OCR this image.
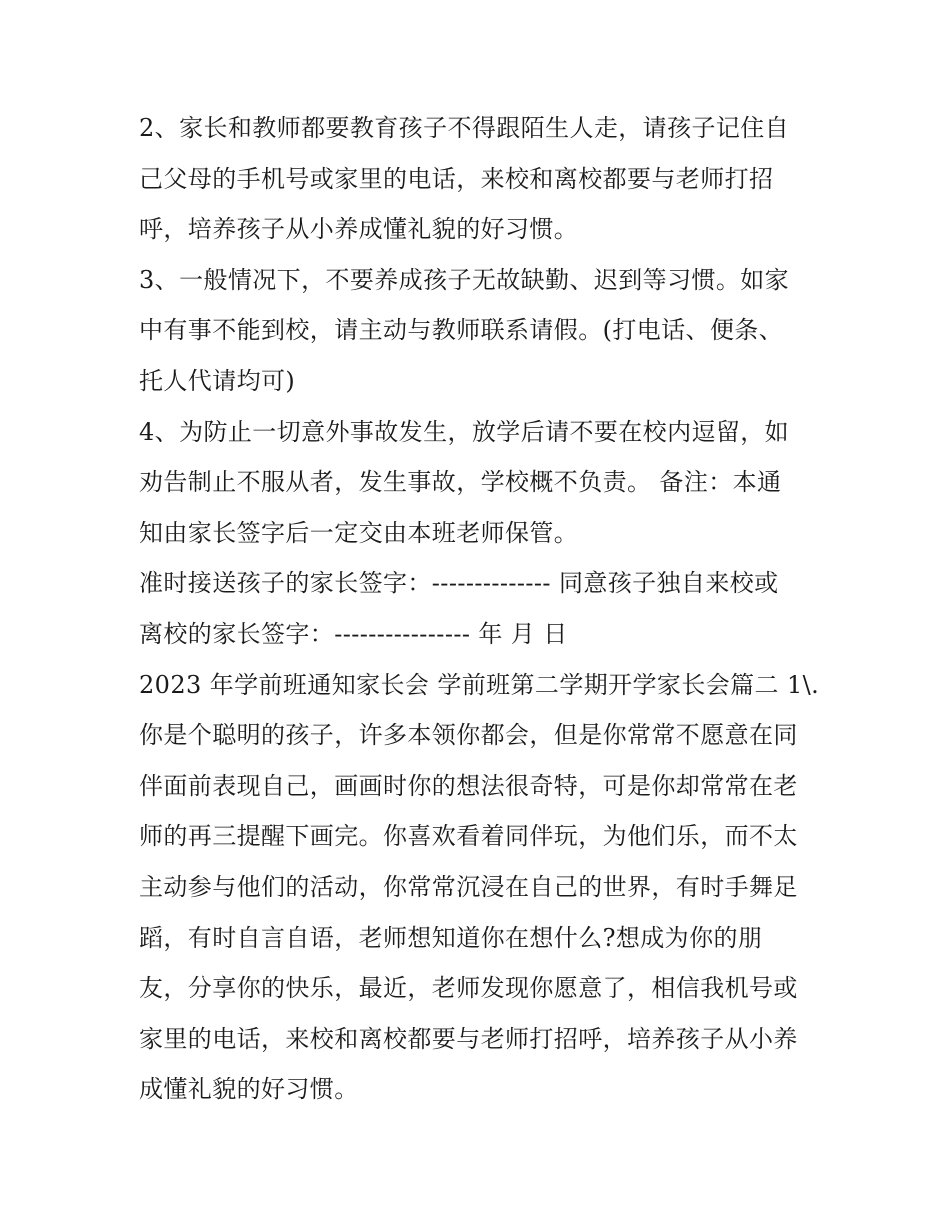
2、家长和教师都要教育孩子不得跟陌生人走，请孩子记住自
己父母的手机号或家里的电话，来校和离校都要与老师打招
呼，培养孩子从小养成懂礼貌的好习惯。
3、一般情况下，不要养成孩子无故缺勤、迟到等习惯。如家
中有事不能到校，请主动与教师联系请假。(打电话、便条、
托人代请均可)
4、为防止一切意外事故发生，放学后请不要在校内逗留，如
劝告制止不服从者，发生事故，学校概不负责。 备注：本通
知由家长签字后一定交由本班老师保管。
准时接送孩子的家长签字：-------------- 同意孩子独自来校或
离校的家长签字：---------------- 年 月 日
2023 年学前班通知家长会 学前班第二学期开学家长会篇二 1\.
你是个聪明的孩子，许多本领你都会，但是你常常不愿意在同
伴面前表现自己，画画时你的想法很奇特，可是你却常常在老
师的再三提醒下画完。你喜欢看着同伴玩，为他们乐，而不太
主动参与他们的活动，你常常沉浸在自己的世界，有时手舞足
蹈，有时自言自语，老师想知道你在想什么?想成为你的朋
友，分享你的快乐，最近，老师发现你愿意了，相信我机号或
家里的电话，来校和离校都要与老师打招呼，培养孩子从小养
成懂礼貌的好习惯。
